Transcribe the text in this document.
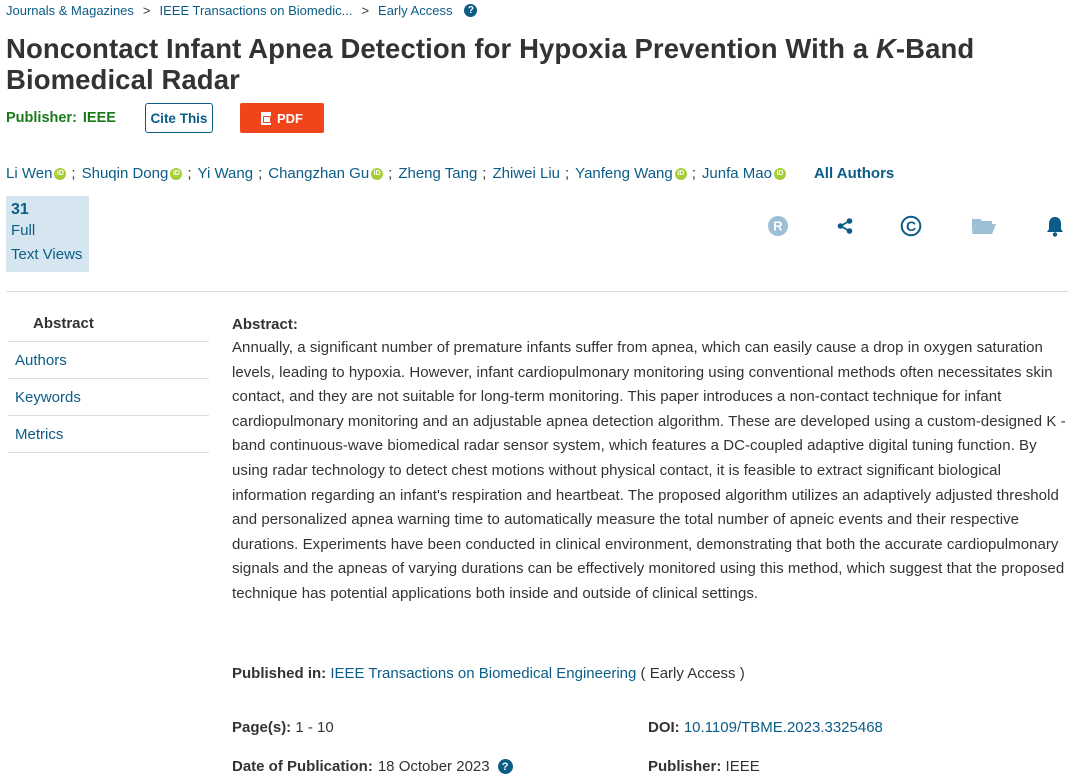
Journals & Magazines > IEEE Transactions on Biomedic... > Early Access	?
Noncontact Infant Apnea Detection for Hypoxia Prevention With a K-Band Biomedical Radar
Publisher: IEEE	Cite This	PDF
Li Wen iD ; Shuqin Dong iD ; Yi Wang ; Changzhan Gu iD ; Zheng Tang ; Zhiwei Liu ; Yanfeng Wang iD ; Junfa Mao iD All Authors
31
Full
Text Views
R	C
Abstract
Authors
Keywords
Metrics
Abstract:

Annually, a significant number of premature infants suffer from apnea, which can easily cause a drop in oxygen saturation levels, leading to hypoxia. However, infant cardiopulmonary monitoring using conventional methods often necessitates skin contact, and they are not suitable for long-term monitoring. This paper introduces a non-contact technique for infant cardiopulmonary monitoring and an adjustable apnea detection algorithm. These are developed using a custom-designed K -band continuous-wave biomedical radar sensor system, which features a DC-coupled adaptive digital tuning function. By using radar technology to detect chest motions without physical contact, it is feasible to extract significant biological information regarding an infant's respiration and heartbeat. The proposed algorithm utilizes an adaptively adjusted threshold and personalized apnea warning time to automatically measure the total number of apneic events and their respective durations. Experiments have been conducted in clinical environment, demonstrating that both the accurate cardiopulmonary signals and the apneas of varying durations can be effectively monitored using this method, which suggest that the proposed technique has potential applications both inside and outside of clinical settings.

Published in: IEEE Transactions on Biomedical Engineering ( Early Access )
Page(s): 1 - 10	DOI: 10.1109/TBME.2023.3325468
Date of Publication: 18 October 2023	?	Publisher: IEEE
